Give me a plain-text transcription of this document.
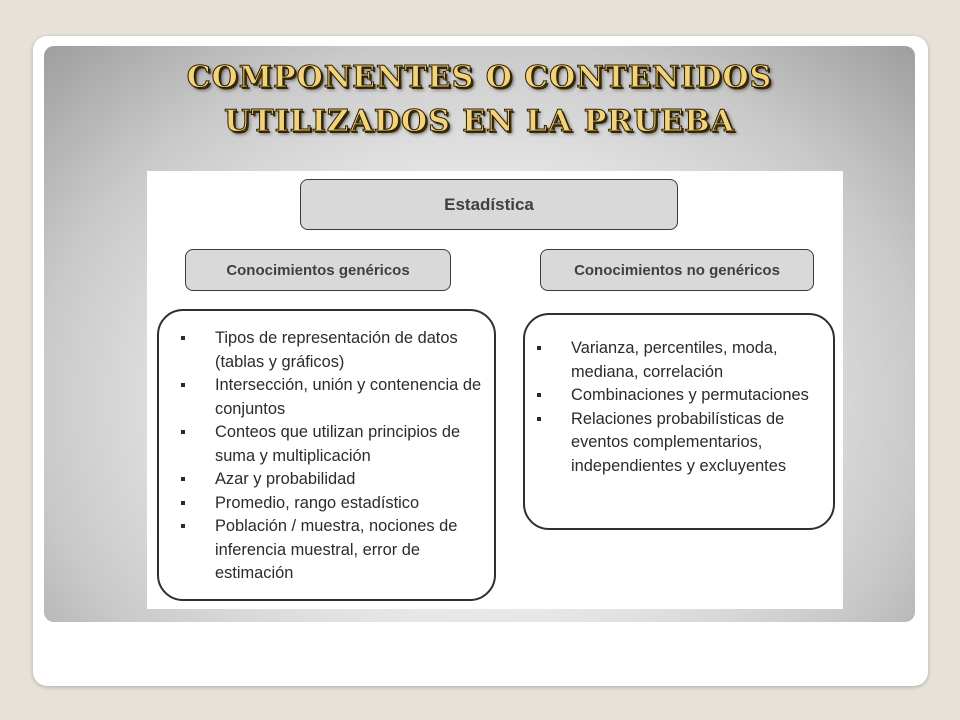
COMPONENTES O CONTENIDOS
UTILIZADOS EN LA PRUEBA
Estadística
Conocimientos genéricos	Conocimientos no genéricos
Tipos de representación de datos (tablas y gráficos)
Intersección, unión y contenencia de conjuntos
Conteos que utilizan principios de suma y multiplicación
Azar y probabilidad
Promedio, rango estadístico
Población / muestra, nociones de inferencia muestral, error de estimación
Varianza, percentiles, moda, mediana, correlación
Combinaciones y permutaciones
Relaciones probabilísticas de eventos complementarios, independientes y excluyentes
